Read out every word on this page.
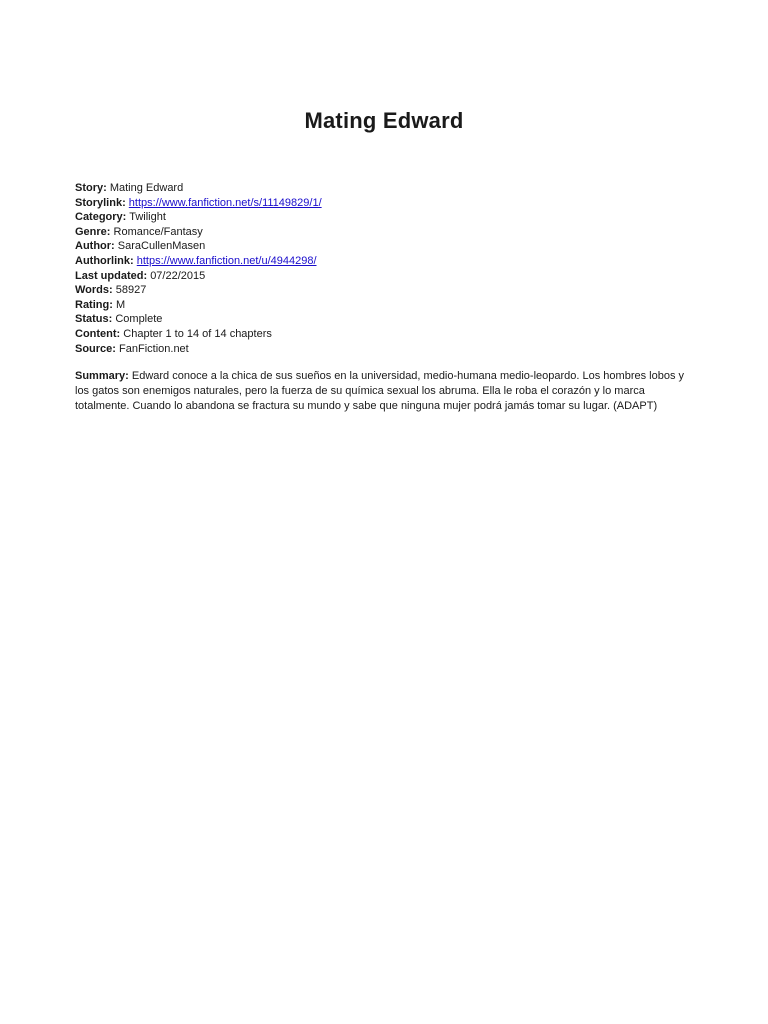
Mating Edward
Story: Mating Edward
Storylink: https://www.fanfiction.net/s/11149829/1/
Category: Twilight
Genre: Romance/Fantasy
Author: SaraCullenMasen
Authorlink: https://www.fanfiction.net/u/4944298/
Last updated: 07/22/2015
Words: 58927
Rating: M
Status: Complete
Content: Chapter 1 to 14 of 14 chapters
Source: FanFiction.net
Summary: Edward conoce a la chica de sus sueños en la universidad, medio-humana medio-leopardo. Los hombres lobos y los gatos son enemigos naturales, pero la fuerza de su química sexual los abruma. Ella le roba el corazón y lo marca totalmente. Cuando lo abandona se fractura su mundo y sabe que ninguna mujer podrá jamás tomar su lugar. (ADAPT)
